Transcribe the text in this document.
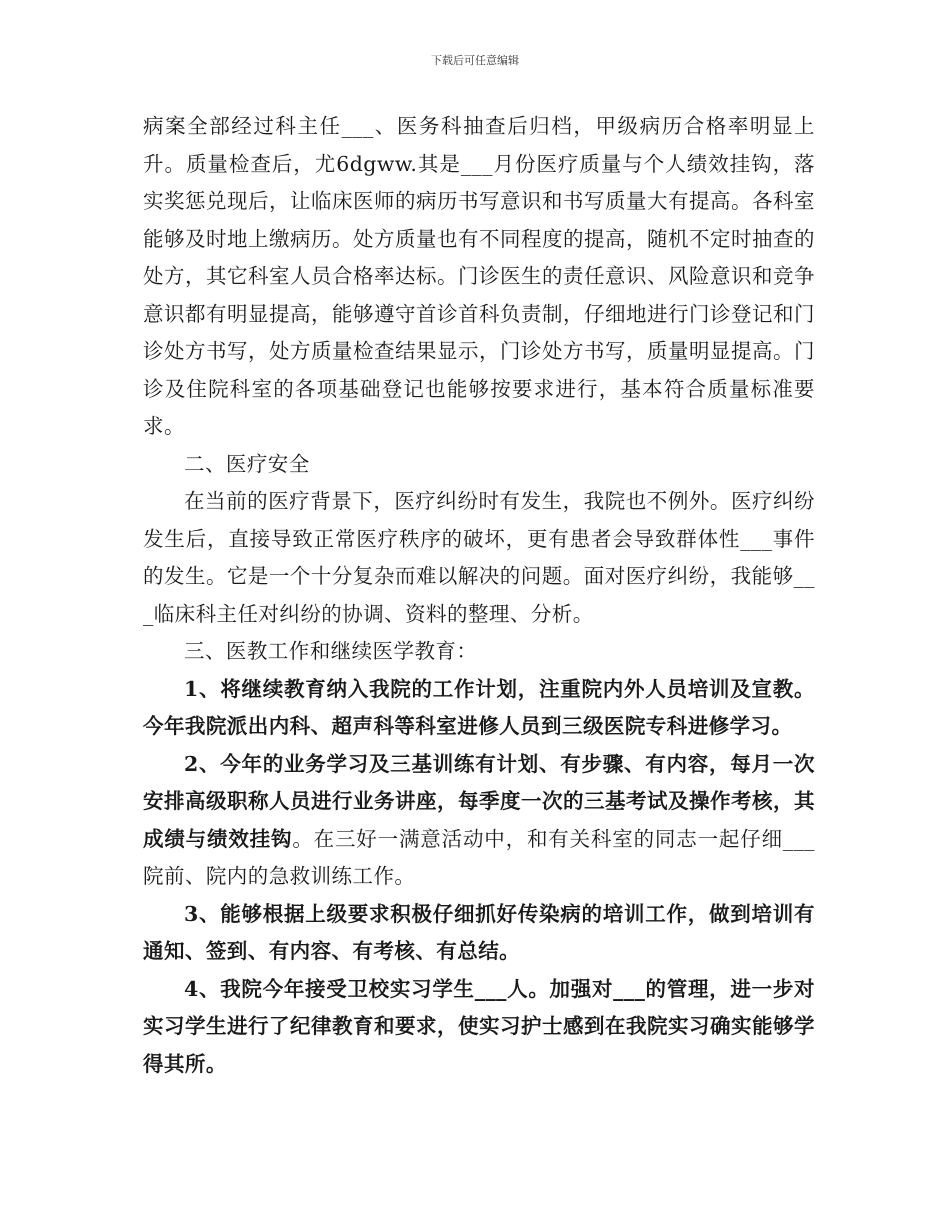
下载后可任意编辑

病案全部经过科主任___、医务科抽查后归档，甲级病历合格率明显上升。质量检查后，尤6dgww.其是___月份医疗质量与个人绩效挂钩，落实奖惩兑现后，让临床医师的病历书写意识和书写质量大有提高。各科室能够及时地上缴病历。处方质量也有不同程度的提高，随机不定时抽查的处方，其它科室人员合格率达标。门诊医生的责任意识、风险意识和竞争意识都有明显提高，能够遵守首诊首科负责制，仔细地进行门诊登记和门诊处方书写，处方质量检查结果显示，门诊处方书写，质量明显提高。门诊及住院科室的各项基础登记也能够按要求进行，基本符合质量标准要求。

二、医疗安全

在当前的医疗背景下，医疗纠纷时有发生，我院也不例外。医疗纠纷发生后，直接导致正常医疗秩序的破坏，更有患者会导致群体性___事件的发生。它是一个十分复杂而难以解决的问题。面对医疗纠纷，我能够___临床科主任对纠纷的协调、资料的整理、分析。

三、医教工作和继续医学教育：

1、将继续教育纳入我院的工作计划，注重院内外人员培训及宣教。今年我院派出内科、超声科等科室进修人员到三级医院专科进修学习。

2、今年的业务学习及三基训练有计划、有步骤、有内容，每月一次安排高级职称人员进行业务讲座，每季度一次的三基考试及操作考核，其成绩与绩效挂钩。在三好一满意活动中，和有关科室的同志一起仔细___院前、院内的急救训练工作。

3、能够根据上级要求积极仔细抓好传染病的培训工作，做到培训有通知、签到、有内容、有考核、有总结。

4、我院今年接受卫校实习学生___人。加强对___的管理，进一步对实习学生进行了纪律教育和要求，使实习护士感到在我院实习确实能够学得其所。
